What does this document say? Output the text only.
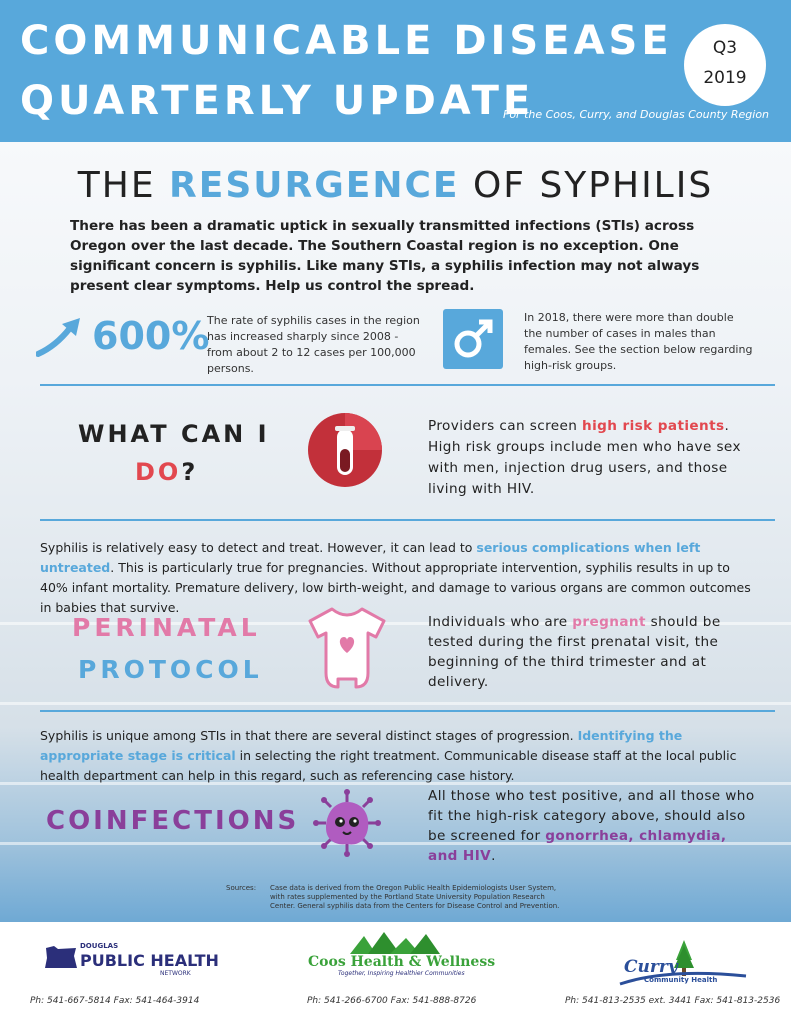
COMMUNICABLE DISEASE
QUARTERLY UPDATE
For the Coos, Curry, and Douglas County Region
Q3
2019
THE RESURGENCE OF SYPHILIS
There has been a dramatic uptick in sexually transmitted infections (STIs) across Oregon over the last decade. The Southern Coastal region is no exception. One significant concern is syphilis. Like many STIs, a syphilis infection may not always present clear symptoms. Help us control the spread.
600%
The rate of syphilis cases in the region has increased sharply since 2008 - from about 2 to 12 cases per 100,000 persons.
In 2018, there were more than double the number of cases in males than females. See the section below regarding high-risk groups.
WHAT CAN I
DO?
Providers can screen high risk patients. High risk groups include men who have sex with men, injection drug users, and those living with HIV.
Syphilis is relatively easy to detect and treat. However, it can lead to serious complications when left untreated. This is particularly true for pregnancies. Without appropriate intervention, syphilis results in up to 40% infant mortality. Premature delivery, low birth-weight, and damage to various organs are common outcomes in babies that survive.
PERINATAL
PROTOCOL
Individuals who are pregnant should be tested during the first prenatal visit, the beginning of the third trimester and at delivery.
Syphilis is unique among STIs in that there are several distinct stages of progression. Identifying the appropriate stage is critical in selecting the right treatment. Communicable disease staff at the local public health department can help in this regard, such as referencing case history.
COINFECTIONS
All those who test positive, and all those who fit the high-risk category above, should also be screened for gonorrhea, chlamydia, and HIV.
Sources: Case data is derived from the Oregon Public Health Epidemiologists User System, with rates supplemented by the Portland State University Population Research Center. General syphilis data from the Centers for Disease Control and Prevention.
DOUGLAS
PUBLIC HEALTH
NETWORK
Coos Health & Wellness
Together, Inspiring Healthier Communities	Curry
Community Health
Ph: 541-667-5814 Fax: 541-464-3914	Ph: 541-266-6700 Fax: 541-888-8726	Ph: 541-813-2535 ext. 3441 Fax: 541-813-2536
